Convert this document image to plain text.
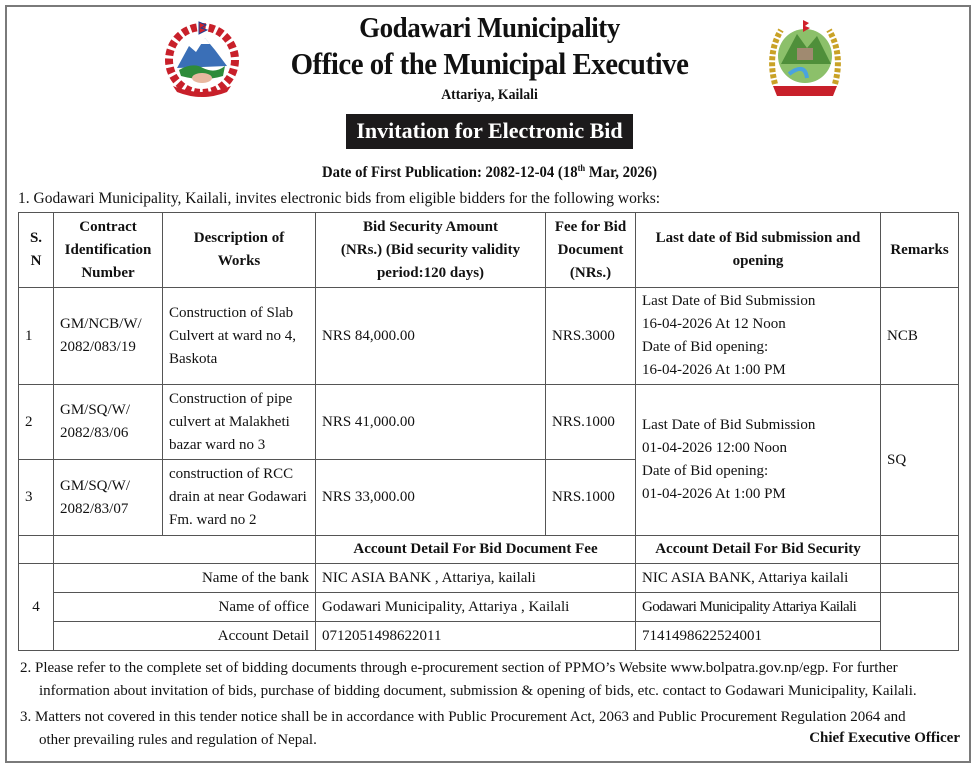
Godawari Municipality
Office of the Municipal Executive
Attariya, Kailali
Invitation for Electronic Bid
Date of First Publication: 2082-12-04 (18th Mar, 2026)
1. Godawari Municipality, Kailali, invites electronic bids from eligible bidders for the following works:
S.
N	Contract
Identification
Number	Description of
Works	Bid Security Amount
(NRs.) (Bid security validity
period:120 days)	Fee for Bid
Document
(NRs.)	Last date of Bid submission and
opening	Remarks
1	GM/NCB/W/
2082/083/19	Construction of Slab
Culvert at ward no 4,
Baskota	NRS 84,000.00	NRS.3000	Last Date of Bid Submission
16-04-2026 At 12 Noon
Date of Bid opening:
16-04-2026 At 1:00 PM	NCB
2	GM/SQ/W/
2082/83/06	Construction of pipe
culvert at Malakheti
bazar ward no 3	NRS 41,000.00	NRS.1000	Last Date of Bid Submission
01-04-2026 12:00 Noon
Date of Bid opening:
01-04-2026 At 1:00 PM	SQ
3	GM/SQ/W/
2082/83/07	construction of RCC
drain at near Godawari
Fm. ward no 2	NRS 33,000.00	NRS.1000		
			Account Detail For Bid Document Fee		Account Detail For Bid Security	
4	Name of the bank		NIC ASIA BANK , Attariya, kailali		NIC ASIA BANK, Attariya kailali	
	Name of office		Godawari Municipality, Attariya , Kailali		Godawari Municipality Attariya Kailali	
	Account Detail		0712051498622011		7141498622524001	
2. Please refer to the complete set of bidding documents through e-procurement section of PPMO’s Website www.bolpatra.gov.np/egp. For further
information about invitation of bids, purchase of bidding document, submission & opening of bids, etc. contact to Godawari Municipality, Kailali.
3. Matters not covered in this tender notice shall be in accordance with Public Procurement Act, 2063 and Public Procurement Regulation 2064 and
other prevailing rules and regulation of Nepal.	Chief Executive Officer
